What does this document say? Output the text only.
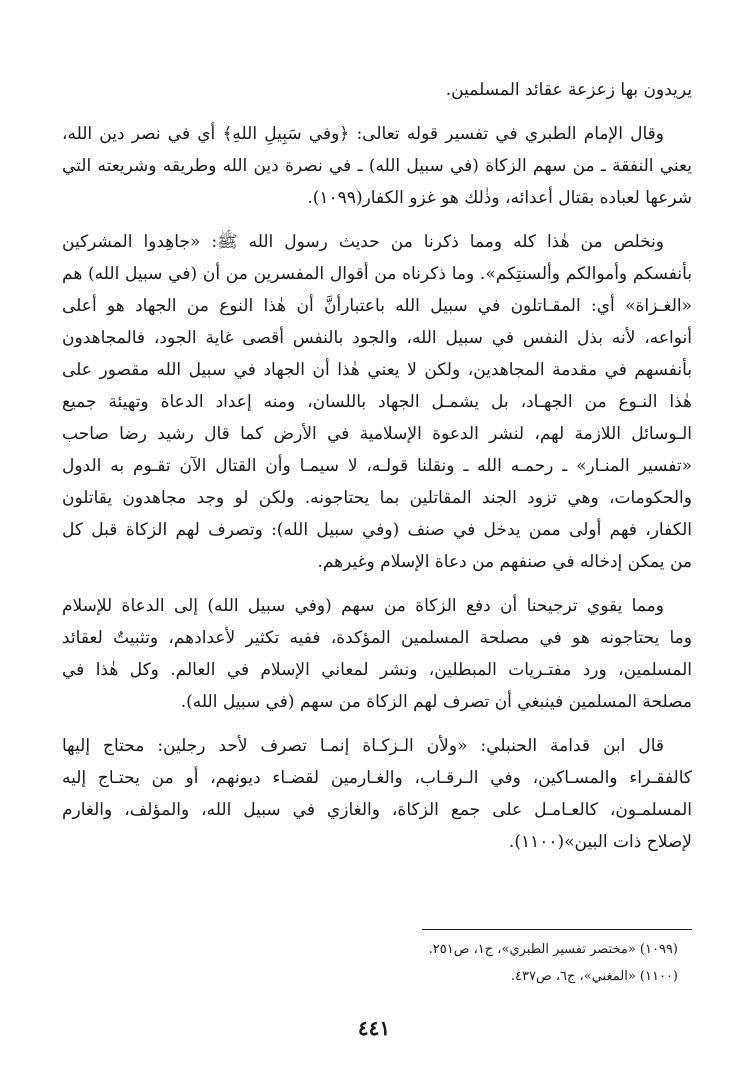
يريدون بها زعزعة عقائد المسلمين.
وقال الإمام الطبري في تفسير قوله تعالى: ﴿وفي سَبِيلِ اللهِ﴾ أي في نصر دين الله،
يعني النفقة ـ من سهم الزكاة (في سبيل الله) ـ في نصرة دين الله وطريقه وشريعته التي
شرعها لعباده بقتال أعدائه، وذٰلك هو غزو الكفار(١٠٩٩).
ونخلص من هٰذا كله ومما ذكرنا من حديث رسول الله ﷺ: «جاهِدوا المشركين
بأنفسكم وأموالكم وألسنتِكم». وما ذكرناه من أقوال المفسرين من أن (في سبيل الله) هم
«الغـزاة» أي: المقـاتلون في سبيل الله باعتبارأنَّ أن هٰذا النوع من الجهاد هو أعلى
أنواعه، لأنه بذل النفس في سبيل الله، والجود بالنفس أقصى غاية الجود، فالمجاهدون
بأنفسهم في مقدمة المجاهدين، ولكن لا يعني هٰذا أن الجهاد في سبيل الله مقصور على
هٰذا النـوع من الجهـاد، بل يشمـل الجهاد باللسان، ومنه إعداد الدعاة وتهيئة جميع
الـوسائل اللازمة لهم، لنشر الدعوة الإسلامية في الأرض كما قال رشيد رضا صاحب
«تفسير المنـار» ـ رحمـه الله ـ ونقلنا قولـه، لا سيمـا وأن القتال الآن تقـوم به الدول
والحكومات، وهي تزود الجند المقاتلين بما يحتاجونه. ولكن لو وجد مجاهدون يقاتلون
الكفار، فهم أولى ممن يدخل في صنف (وفي سبيل الله): وتصرف لهم الزكاة قبل كل
من يمكن إدخاله في صنفهم من دعاة الإسلام وغيرهم.
ومما يقوي ترجيحنا أن دفع الزكاة من سهم (وفي سبيل الله) إلى الدعاة للإسلام
وما يحتاجونه هو في مصلحة المسلمين المؤكدة، ففيه تكثير لأعدادهم، وتثبيتٌ لعقائد
المسلمين، ورد مفتـريات المبطلين، ونشر لمعاني الإسلام في العالم. وكل هٰذا في
مصلحة المسلمين فينبغي أن تصرف لهم الزكاة من سهم (في سبيل الله).
قال ابن قدامة الحنبلي: «ولأن الـزكـاة إنمـا تصرف لأحد رجلين: محتاج إليها
كالفقـراء والمسـاكين، وفي الـرقـاب، والغـارمين لقضـاء ديونهم، أو من يحتـاج إليه
المسلمـون، كالعـامـل على جمع الزكاة، والغازي في سبيل الله، والمؤلف، والغارم
لإصلاح ذات البين»(١١٠٠).
(١٠٩٩) «مختصر تفسير الطبري»، ج١، ص٢٥١.
(١١٠٠) «المغني»، ج٦، ص٤٣٧.
٤٤١
